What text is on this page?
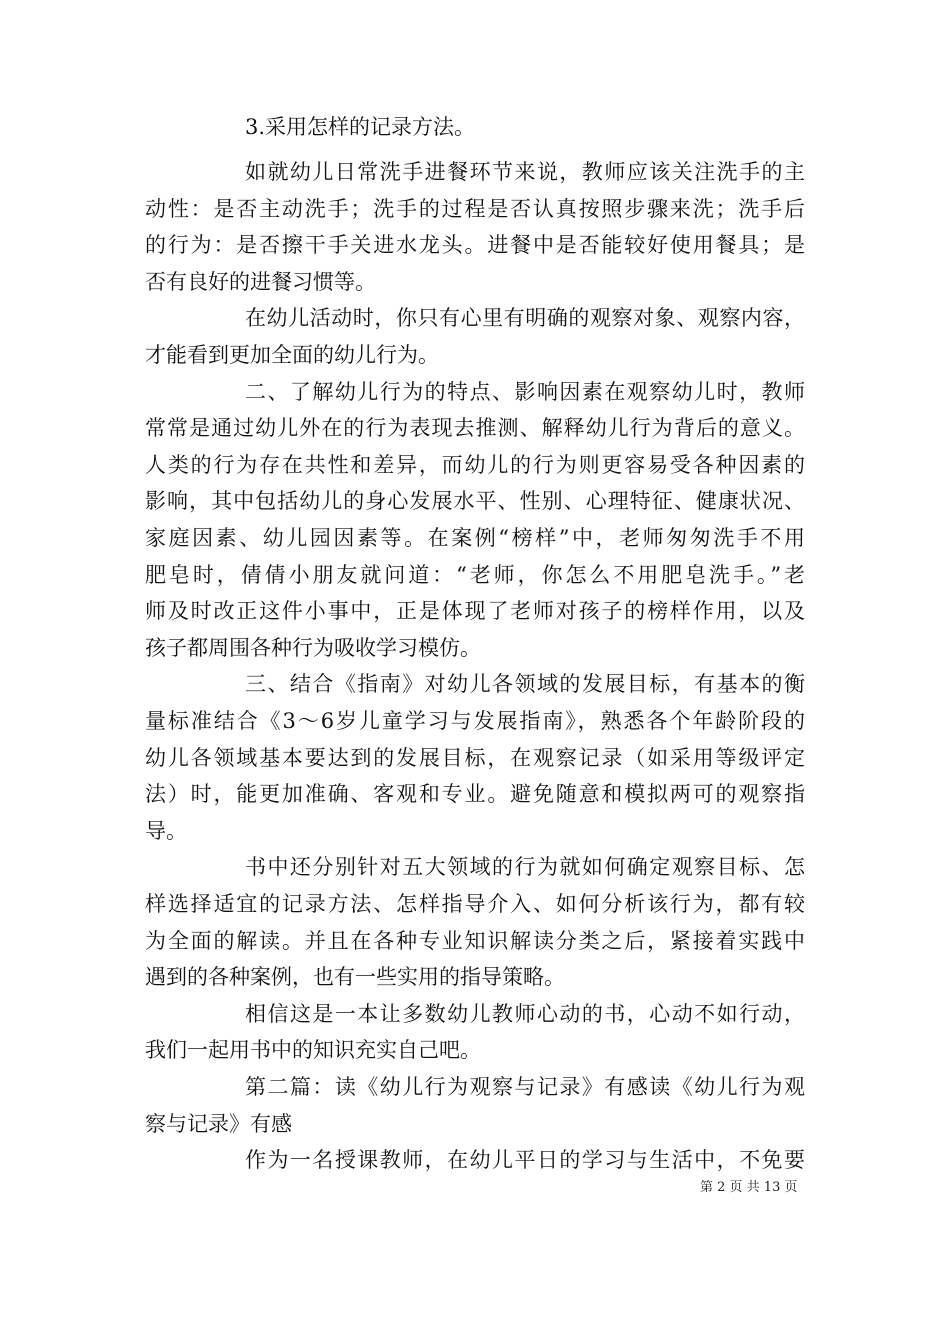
3.采用怎样的记录方法。
如就幼儿日常洗手进餐环节来说，教师应该关注洗手的主
动性：是否主动洗手；洗手的过程是否认真按照步骤来洗；洗手后
的行为：是否擦干手关进水龙头。进餐中是否能较好使用餐具；是
否有良好的进餐习惯等。
在幼儿活动时，你只有心里有明确的观察对象、观察内容，
才能看到更加全面的幼儿行为。
二、了解幼儿行为的特点、影响因素在观察幼儿时，教师
常常是通过幼儿外在的行为表现去推测、解释幼儿行为背后的意义。
人类的行为存在共性和差异，而幼儿的行为则更容易受各种因素的
影响，其中包括幼儿的身心发展水平、性别、心理特征、健康状况、
家庭因素、幼儿园因素等。在案例“榜样”中，老师匆匆洗手不用
肥皂时，倩倩小朋友就问道：“老师，你怎么不用肥皂洗手。”老
师及时改正这件小事中，正是体现了老师对孩子的榜样作用，以及
孩子都周围各种行为吸收学习模仿。
三、结合《指南》对幼儿各领域的发展目标，有基本的衡
量标准结合《3～6岁儿童学习与发展指南》，熟悉各个年龄阶段的
幼儿各领域基本要达到的发展目标，在观察记录（如采用等级评定
法）时，能更加准确、客观和专业。避免随意和模拟两可的观察指
导。
书中还分别针对五大领域的行为就如何确定观察目标、怎
样选择适宜的记录方法、怎样指导介入、如何分析该行为，都有较
为全面的解读。并且在各种专业知识解读分类之后，紧接着实践中
遇到的各种案例，也有一些实用的指导策略。
相信这是一本让多数幼儿教师心动的书，心动不如行动，
我们一起用书中的知识充实自己吧。
第二篇：读《幼儿行为观察与记录》有感读《幼儿行为观
察与记录》有感
作为一名授课教师，在幼儿平日的学习与生活中，不免要
第 2 页 共 13 页
